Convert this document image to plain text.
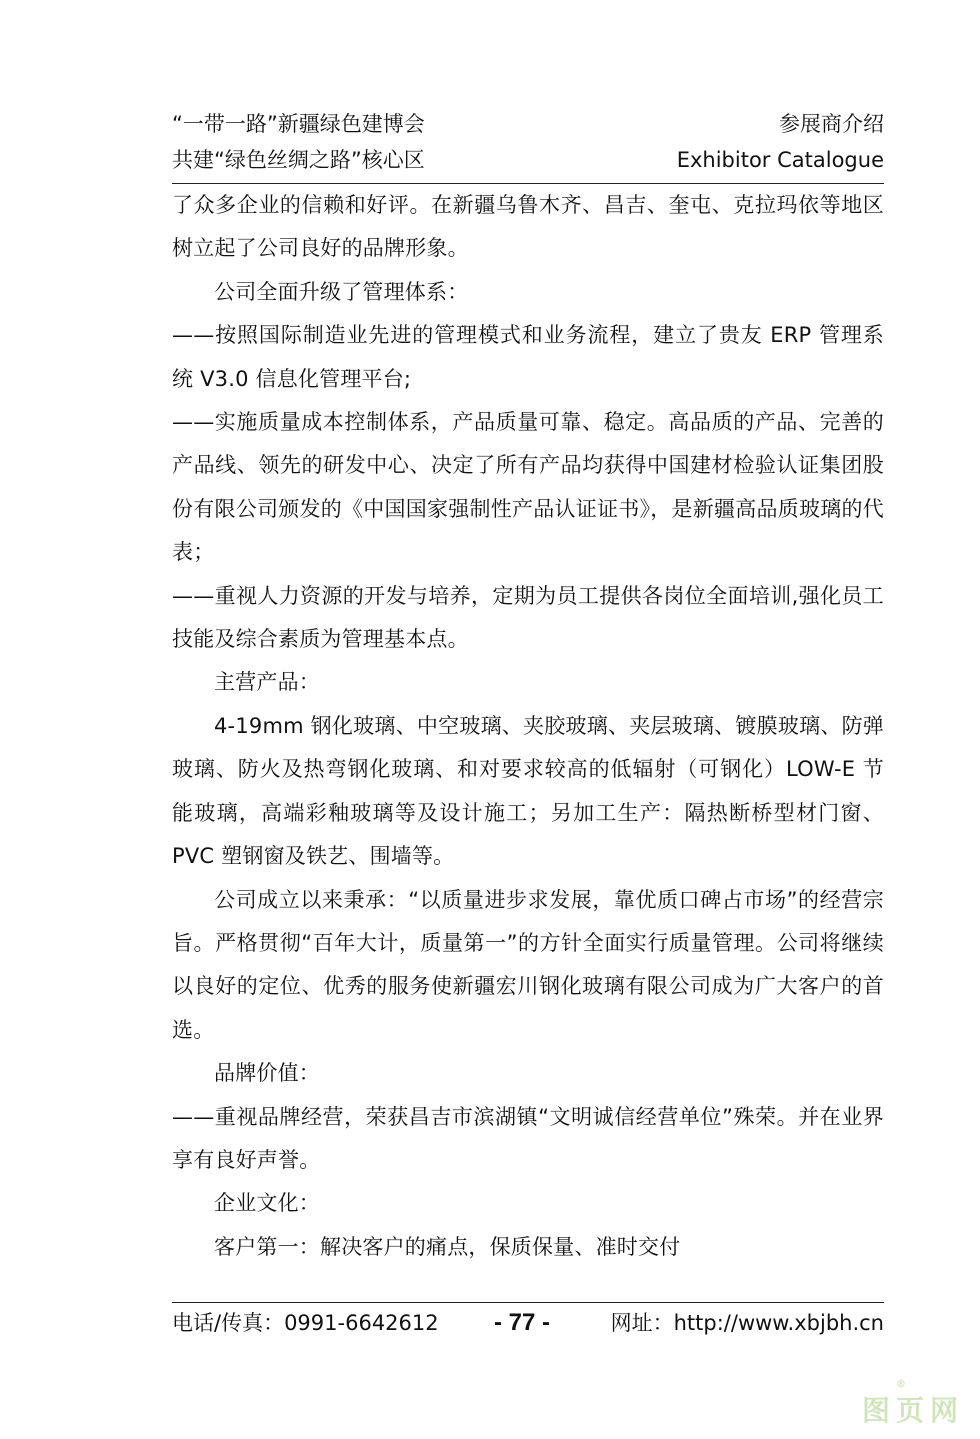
“一带一路”新疆绿色建博会	参展商介绍
共建“绿色丝绸之路”核心区	Exhibitor Catalogue

了众多企业的信赖和好评。在新疆乌鲁木齐、昌吉、奎屯、克拉玛依等地区树立起了公司良好的品牌形象。

公司全面升级了管理体系：

——按照国际制造业先进的管理模式和业务流程，建立了贵友 ERP 管理系统 V3.0 信息化管理平台;

——实施质量成本控制体系，产品质量可靠、稳定。高品质的产品、完善的产品线、领先的研发中心、决定了所有产品均获得中国建材检验认证集团股份有限公司颁发的《中国国家强制性产品认证证书》，是新疆高品质玻璃的代表；

——重视人力资源的开发与培养，定期为员工提供各岗位全面培训,强化员工技能及综合素质为管理基本点。

主营产品：

4-19mm 钢化玻璃、中空玻璃、夹胶玻璃、夹层玻璃、镀膜玻璃、防弹玻璃、防火及热弯钢化玻璃、和对要求较高的低辐射（可钢化）LOW-E 节能玻璃，高端彩釉玻璃等及设计施工；另加工生产：隔热断桥型材门窗、PVC 塑钢窗及铁艺、围墙等。

公司成立以来秉承：“以质量进步求发展，靠优质口碑占市场”的经营宗旨。严格贯彻“百年大计，质量第一”的方针全面实行质量管理。公司将继续以良好的定位、优秀的服务使新疆宏川钢化玻璃有限公司成为广大客户的首选。

品牌价值：

——重视品牌经营，荣获昌吉市滨湖镇“文明诚信经营单位”殊荣。并在业界享有良好声誉。

企业文化：

客户第一：解决客户的痛点，保质保量、准时交付

电话/传真：0991-6642612 - 77 -	网址：http://www.xbjbh.cn
图页网
®
